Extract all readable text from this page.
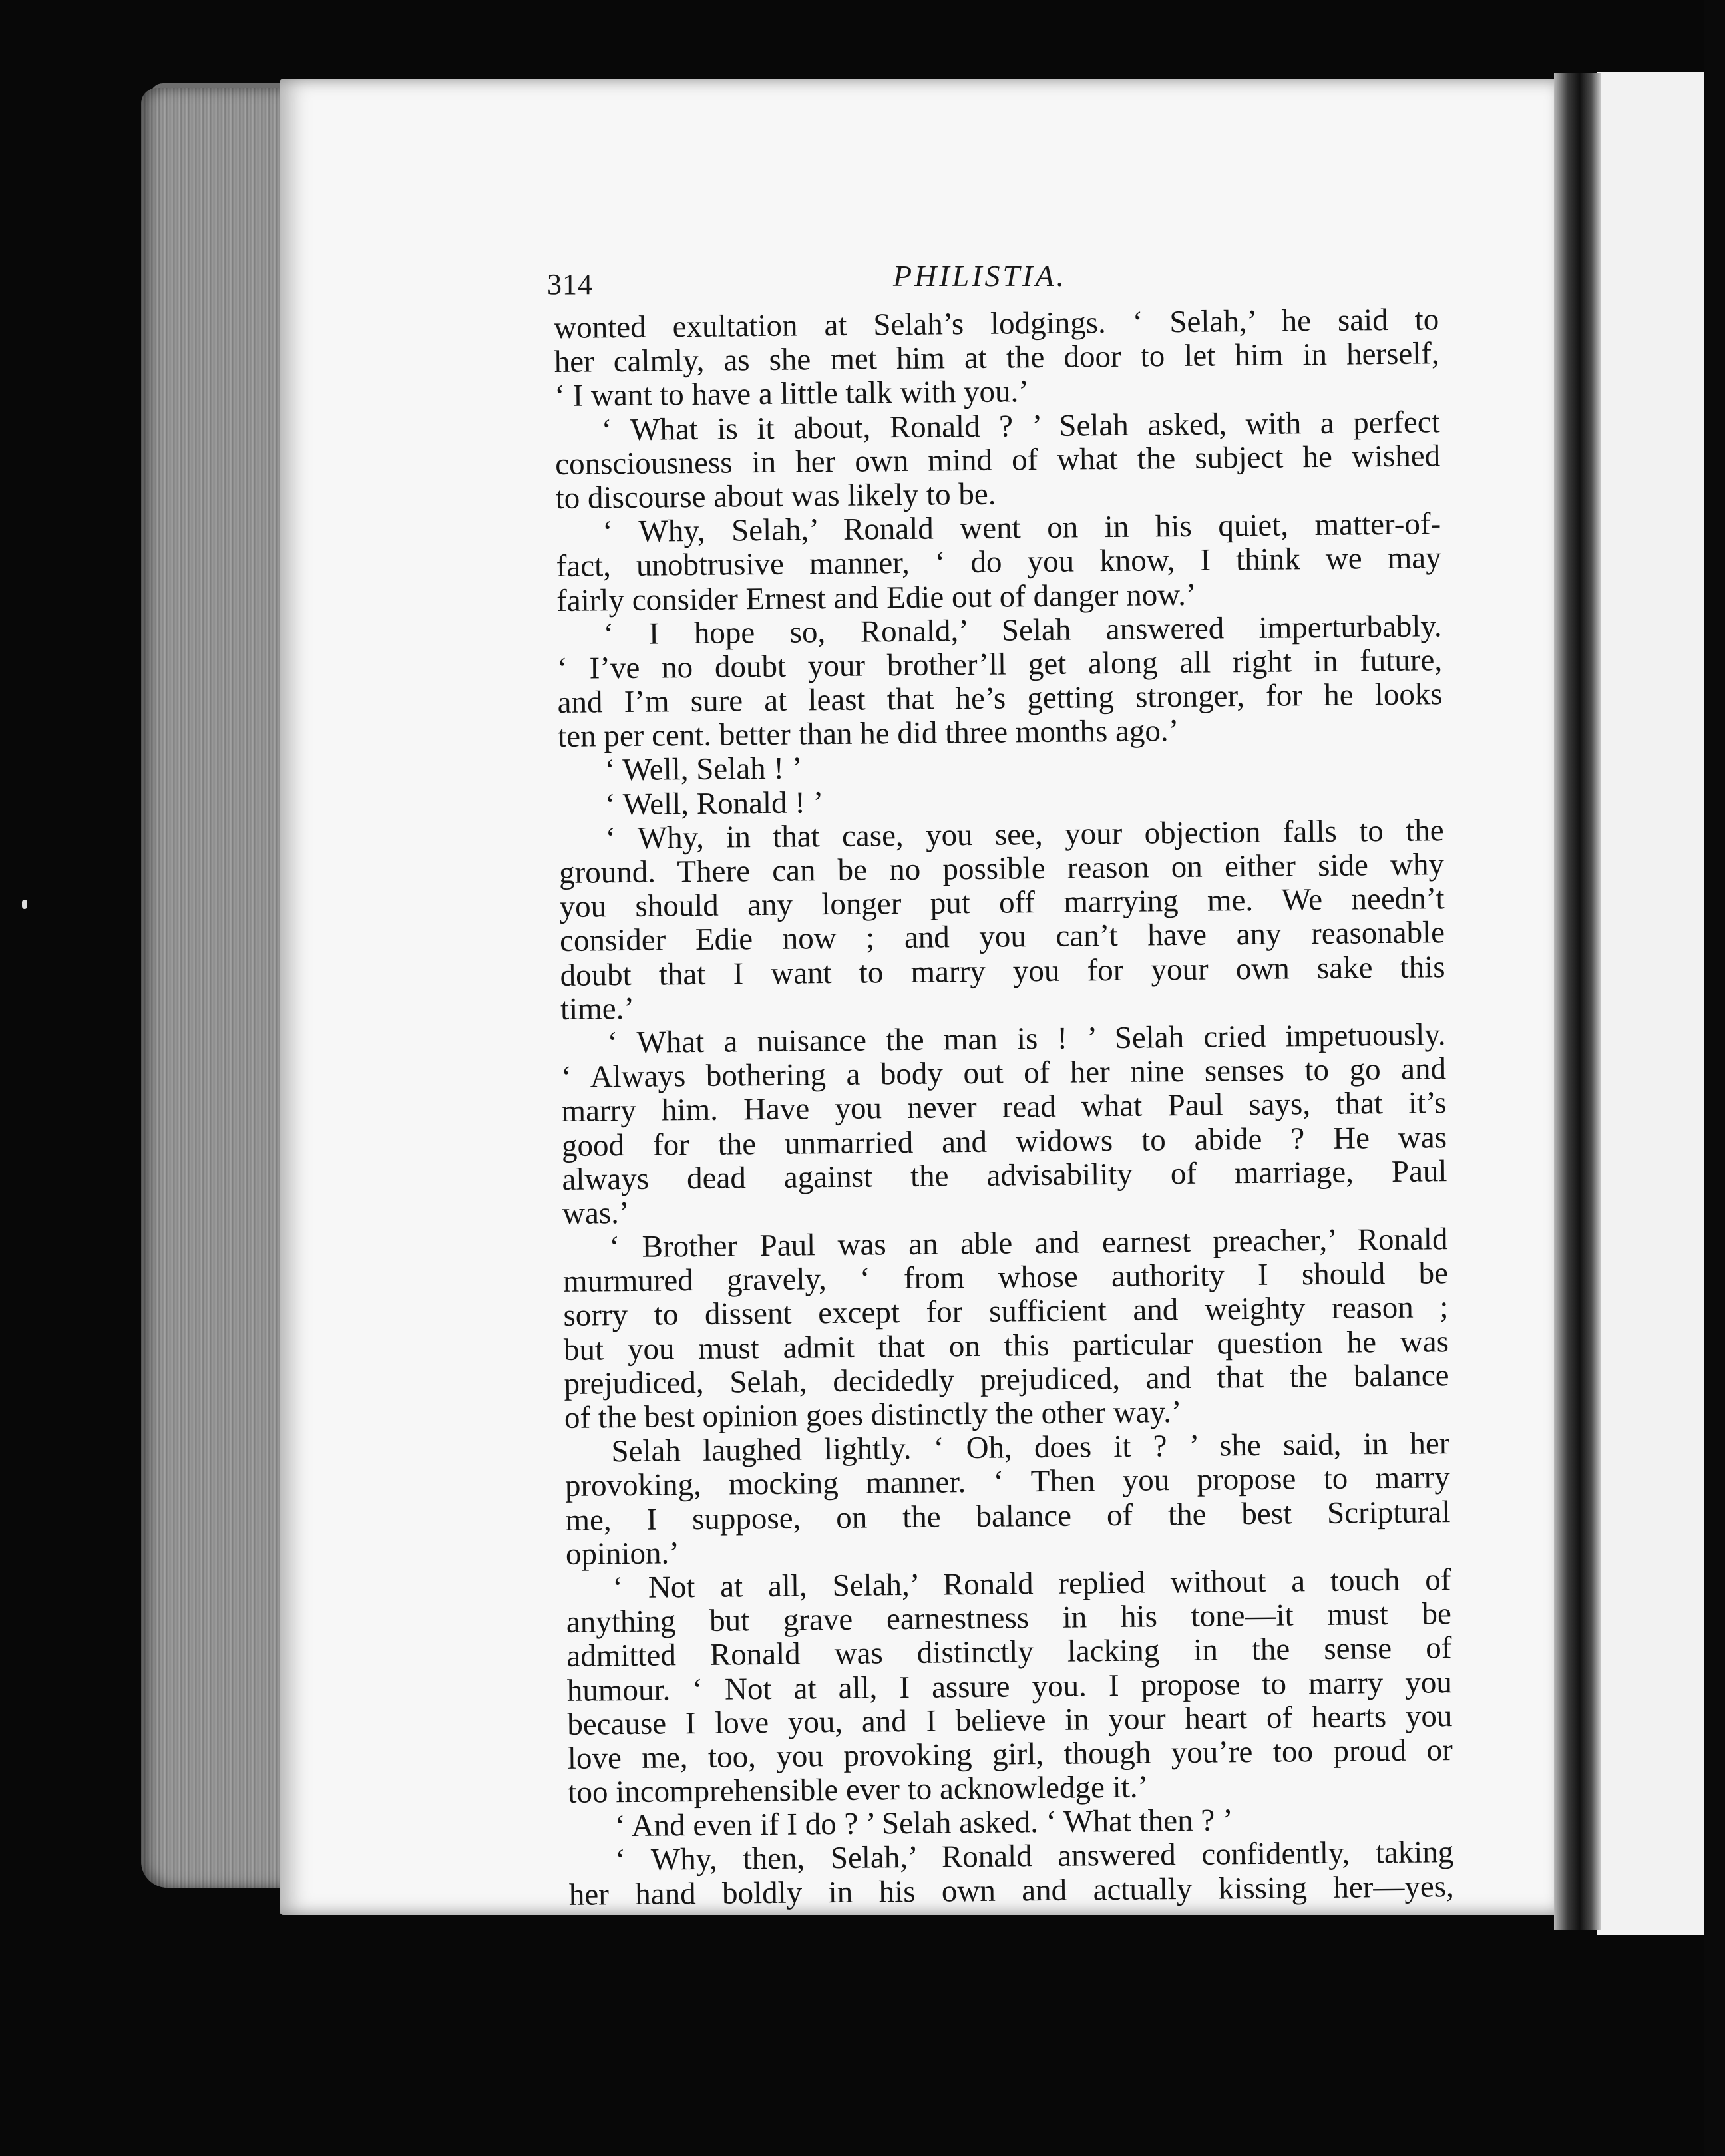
314	PHILISTIA.
wonted exultation at Selah’s lodgings. ‘ Selah,’ he said to
her calmly, as she met him at the door to let him in herself,
‘ I want to have a little talk with you.’
‘ What is it about, Ronald ? ’ Selah asked, with a perfect
consciousness in her own mind of what the subject he wished
to discourse about was likely to be.
‘ Why, Selah,’ Ronald went on in his quiet, matter-of-
fact, unobtrusive manner, ‘ do you know, I think we may
fairly consider Ernest and Edie out of danger now.’
‘ I hope so, Ronald,’ Selah answered imperturbably.
‘ I’ve no doubt your brother’ll get along all right in future,
and I’m sure at least that he’s getting stronger, for he looks
ten per cent. better than he did three months ago.’
‘ Well, Selah ! ’
‘ Well, Ronald ! ’
‘ Why, in that case, you see, your objection falls to the
ground. There can be no possible reason on either side why
you should any longer put off marrying me. We needn’t
consider Edie now ; and you can’t have any reasonable
doubt that I want to marry you for your own sake this
time.’
‘ What a nuisance the man is ! ’ Selah cried impetuously.
‘ Always bothering a body out of her nine senses to go and
marry him. Have you never read what Paul says, that it’s
good for the unmarried and widows to abide ? He was
always dead against the advisability of marriage, Paul
was.’
‘ Brother Paul was an able and earnest preacher,’ Ronald
murmured gravely, ‘ from whose authority I should be
sorry to dissent except for sufficient and weighty reason ;
but you must admit that on this particular question he was
prejudiced, Selah, decidedly prejudiced, and that the balance
of the best opinion goes distinctly the other way.’
Selah laughed lightly. ‘ Oh, does it ? ’ she said, in her
provoking, mocking manner. ‘ Then you propose to marry
me, I suppose, on the balance of the best Scriptural
opinion.’
‘ Not at all, Selah,’ Ronald replied without a touch of
anything but grave earnestness in his tone—it must be
admitted Ronald was distinctly lacking in the sense of
humour. ‘ Not at all, I assure you. I propose to marry you
because I love you, and I believe in your heart of hearts you
love me, too, you provoking girl, though you’re too proud or
too incomprehensible ever to acknowledge it.’
‘ And even if I do ? ’ Selah asked. ‘ What then ? ’
‘ Why, then, Selah,’ Ronald answered confidently, taking
her hand boldly in his own and actually kissing her—yes,
